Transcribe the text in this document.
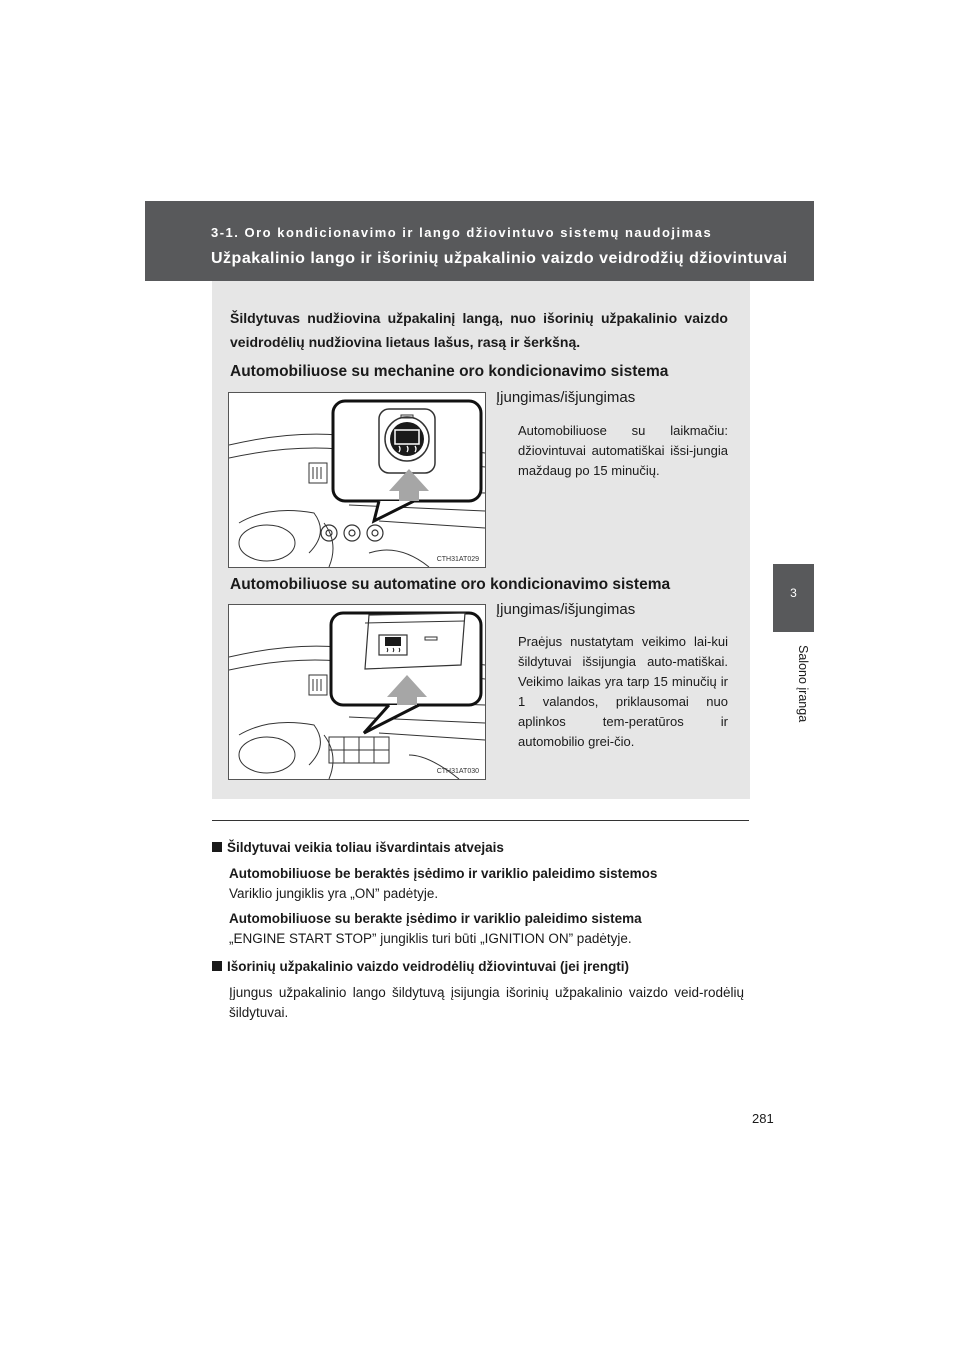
3-1. Oro kondicionavimo ir lango džiovintuvo sistemų naudojimas
Užpakalinio lango ir išorinių užpakalinio vaizdo veidrodžių džiovintuvai
3
Salono įranga
Šildytuvas nudžiovina užpakalinį langą, nuo išorinių užpakalinio vaizdo veidrodėlių nudžiovina lietaus lašus, rasą ir šerkšną.
Automobiliuose su mechanine oro kondicionavimo sistema
CTH31AT029
Įjungimas/išjungimas
Automobiliuose su laikmačiu: džiovintuvai automatiškai išsi-jungia maždaug po 15 minučių.
Automobiliuose su automatine oro kondicionavimo sistema
CTH31AT030
Įjungimas/išjungimas
Praėjus nustatytam veikimo lai-kui šildytuvai išsijungia auto-matiškai. Veikimo laikas yra tarp 15 minučių ir 1 valandos, priklausomai nuo aplinkos tem-peratūros ir automobilio grei-čio.
Šildytuvai veikia toliau išvardintais atvejais
Automobiliuose be beraktės įsėdimo ir variklio paleidimo sistemos
Variklio jungiklis yra „ON” padėtyje.
Automobiliuose su berakte įsėdimo ir variklio paleidimo sistema
„ENGINE START STOP” jungiklis turi būti „IGNITION ON” padėtyje.
Išorinių užpakalinio vaizdo veidrodėlių džiovintuvai (jei įrengti)
Įjungus užpakalinio lango šildytuvą įsijungia išorinių užpakalinio vaizdo veid-rodėlių šildytuvai.
281
